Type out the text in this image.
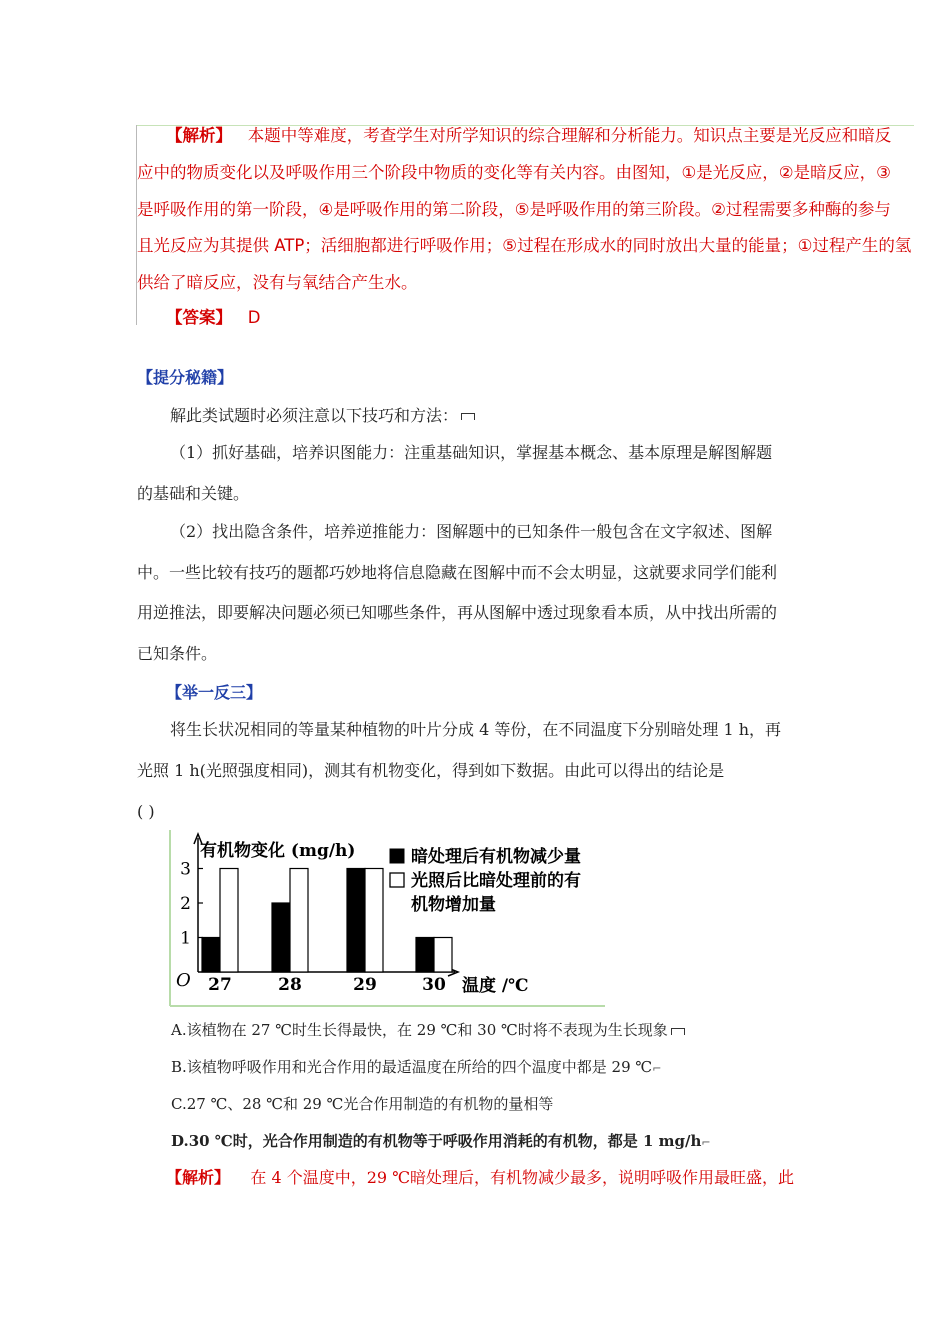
【解析】 本题中等难度，考查学生对所学知识的综合理解和分析能力。知识点主要是光反应和暗反
应中的物质变化以及呼吸作用三个阶段中物质的变化等有关内容。由图知，①是光反应，②是暗反应，③
是呼吸作用的第一阶段，④是呼吸作用的第二阶段，⑤是呼吸作用的第三阶段。②过程需要多种酶的参与
且光反应为其提供 ATP；活细胞都进行呼吸作用；⑤过程在形成水的同时放出大量的能量；①过程产生的氢
供给了暗反应，没有与氧结合产生水。
【答案】 D
【提分秘籍】
解此类试题时必须注意以下技巧和方法：
（1）抓好基础，培养识图能力：注重基础知识，掌握基本概念、基本原理是解图解题
的基础和关键。
（2）找出隐含条件，培养逆推能力：图解题中的已知条件一般包含在文字叙述、图解
中。一些比较有技巧的题都巧妙地将信息隐藏在图解中而不会太明显，这就要求同学们能利
用逆推法，即要解决问题必须已知哪些条件，再从图解中透过现象看本质，从中找出所需的
已知条件。
【举一反三】
将生长状况相同的等量某种植物的叶片分成 4 等份，在不同温度下分别暗处理 1 h，再
光照 1 h(光照强度相同)，测其有机物变化，得到如下数据。由此可以得出的结论是
( )
1
2
3
O
有机物变化 (mg/h)
27	28	29	30 温度 /℃
暗处理后有机物减少量
光照后比暗处理前的有
机物增加量
A.该植物在 27 ℃时生长得最快，在 29 ℃和 30 ℃时将不表现为生长现象
B.该植物呼吸作用和光合作用的最适温度在所给的四个温度中都是 29 ℃⌐
C.27 ℃、28 ℃和 29 ℃光合作用制造的有机物的量相等
D.30 ℃时，光合作用制造的有机物等于呼吸作用消耗的有机物，都是 1 mg/h⌐
【解析】 在 4 个温度中，29 ℃暗处理后，有机物减少最多，说明呼吸作用最旺盛，此
